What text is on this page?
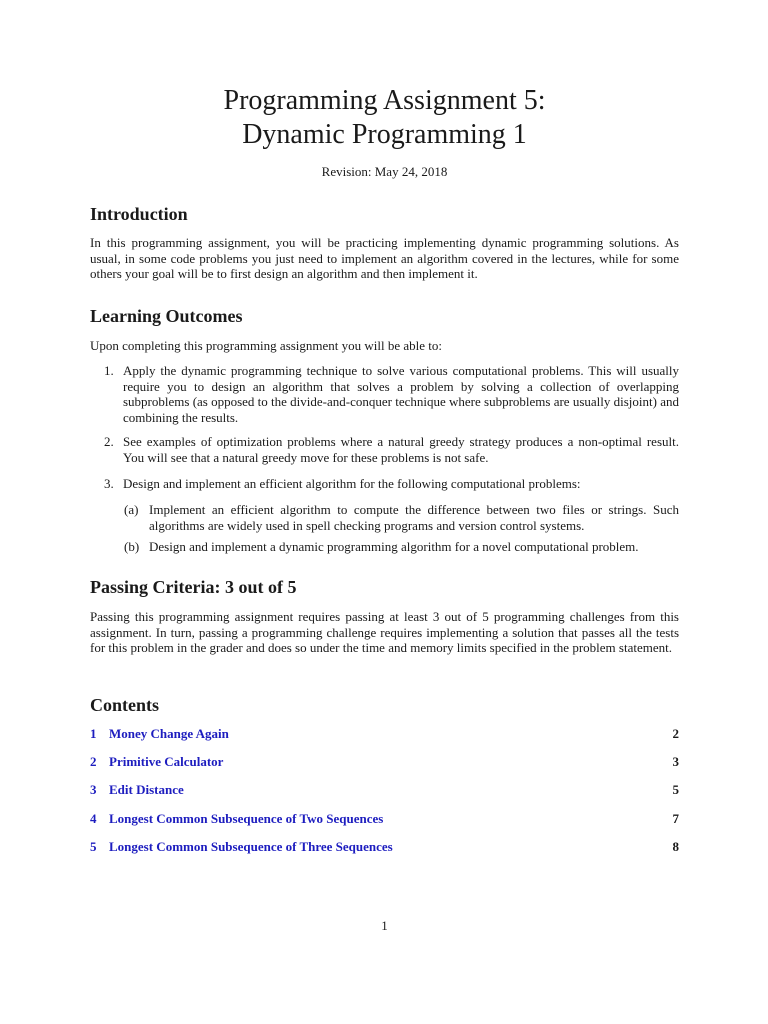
Programming Assignment 5:
Dynamic Programming 1
Revision: May 24, 2018
Introduction

In this programming assignment, you will be practicing implementing dynamic programming solutions. As usual, in some code problems you just need to implement an algorithm covered in the lectures, while for some others your goal will be to first design an algorithm and then implement it.

Learning Outcomes

Upon completing this programming assignment you will be able to:

1. Apply the dynamic programming technique to solve various computational problems. This will usually require you to design an algorithm that solves a problem by solving a collection of overlapping subproblems (as opposed to the divide-and-conquer technique where subproblems are usually disjoint) and combining the results.
2. See examples of optimization problems where a natural greedy strategy produces a non-optimal result. You will see that a natural greedy move for these problems is not safe.
3. Design and implement an efficient algorithm for the following computational problems:
(a) Implement an efficient algorithm to compute the difference between two files or strings. Such algorithms are widely used in spell checking programs and version control systems.
(b) Design and implement a dynamic programming algorithm for a novel computational problem.
Passing Criteria: 3 out of 5

Passing this programming assignment requires passing at least 3 out of 5 programming challenges from this assignment. In turn, passing a programming challenge requires implementing a solution that passes all the tests for this problem in the grader and does so under the time and memory limits specified in the problem statement.

Contents
1 Money Change Again	2
2 Primitive Calculator	3
3 Edit Distance	5
4 Longest Common Subsequence of Two Sequences	7
5 Longest Common Subsequence of Three Sequences	8
1
